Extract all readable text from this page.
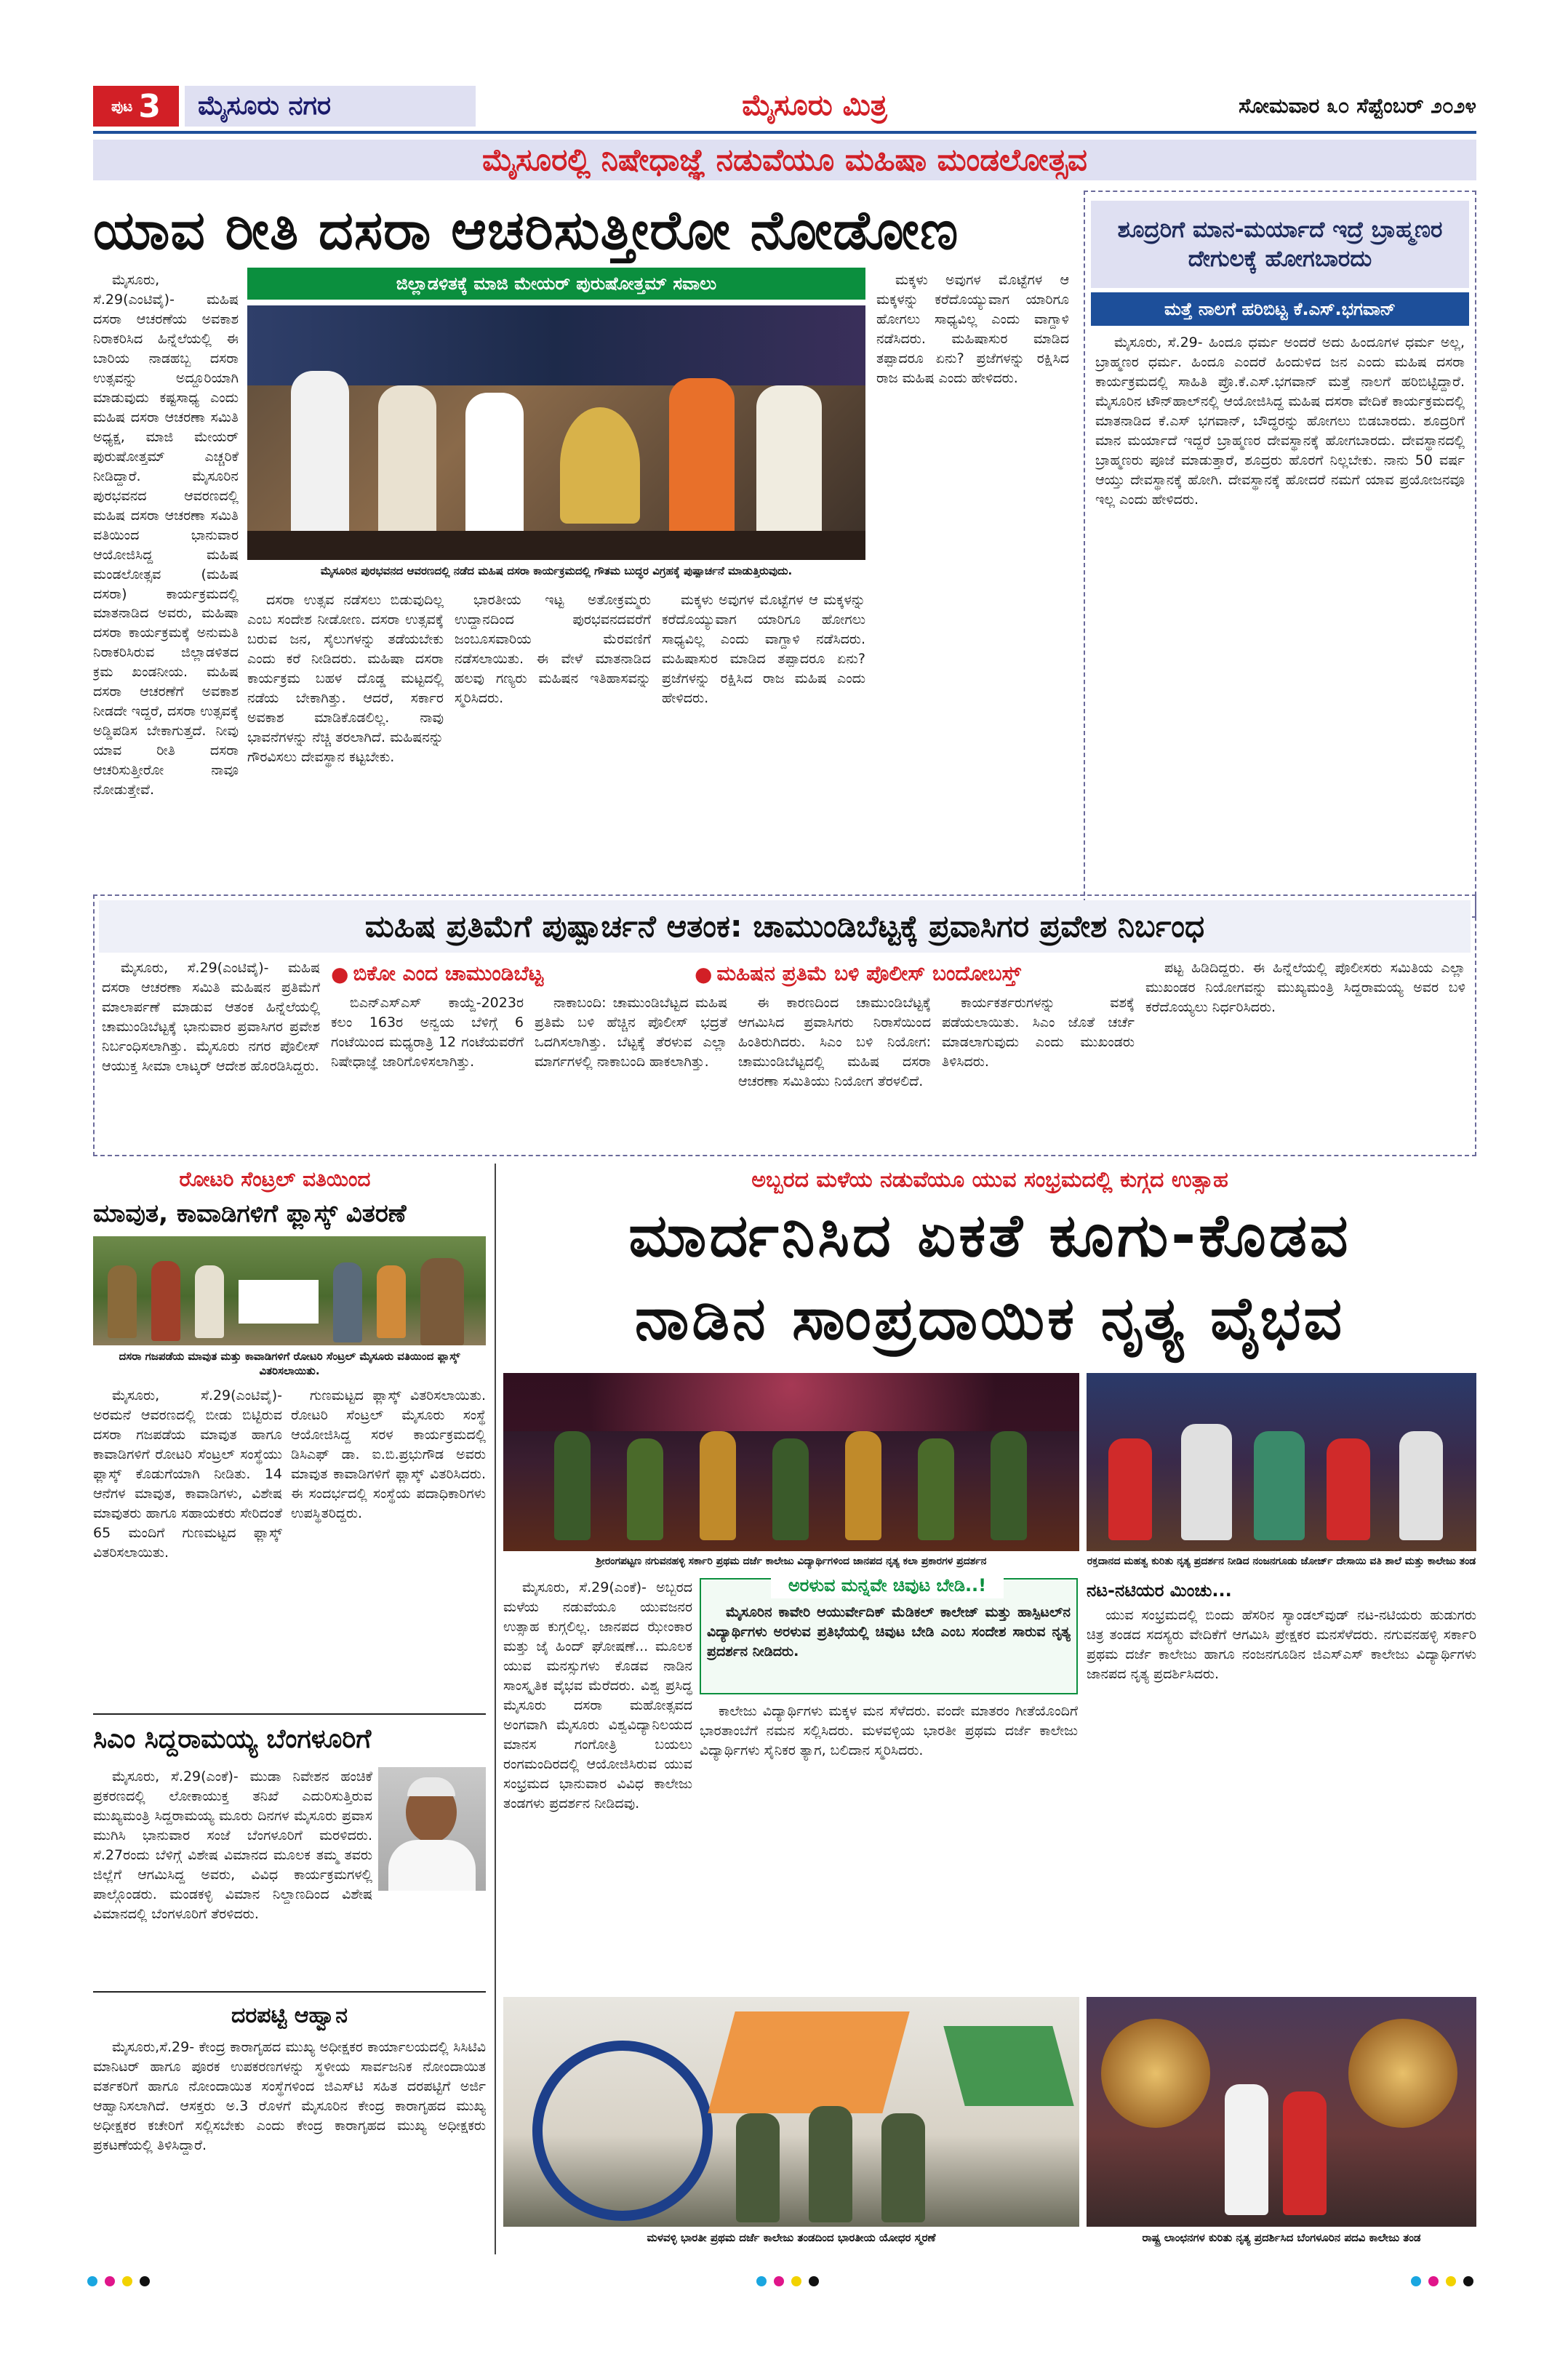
ಪುಟ 3 ಮೈಸೂರು ನಗರ	ಮೈಸೂರು ಮಿತ್ರ	ಸೋಮವಾರ ೩೦ ಸೆಪ್ಟೆಂಬರ್ ೨೦೨೪
ಮೈಸೂರಲ್ಲಿ ನಿಷೇಧಾಜ್ಞೆ ನಡುವೆಯೂ ಮಹಿಷಾ ಮಂಡಲೋತ್ಸವ
ಯಾವ ರೀತಿ ದಸರಾ ಆಚರಿಸುತ್ತೀರೋ ನೋಡೋಣ

ಮೈಸೂರು, ಸೆ.29(ಎಂಟಿವೈ)- ಮಹಿಷ ದಸರಾ ಆಚರಣೆಯ ಅವಕಾಶ ನಿರಾಕರಿಸಿದ ಹಿನ್ನೆಲೆಯಲ್ಲಿ ಈ ಬಾರಿಯ ನಾಡಹಬ್ಬ ದಸರಾ ಉತ್ಸವನ್ನು ಅದ್ದೂರಿಯಾಗಿ ಮಾಡುವುದು ಕಷ್ಟಸಾಧ್ಯ ಎಂದು ಮಹಿಷ ದಸರಾ ಆಚರಣಾ ಸಮಿತಿ ಅಧ್ಯಕ್ಷ, ಮಾಜಿ ಮೇಯರ್ ಪುರುಷೋತ್ತಮ್ ಎಚ್ಚರಿಕೆ ನೀಡಿದ್ದಾರೆ. ಮೈಸೂರಿನ ಪುರಭವನದ ಆವರಣದಲ್ಲಿ ಮಹಿಷ ದಸರಾ ಆಚರಣಾ ಸಮಿತಿ ವತಿಯಿಂದ ಭಾನುವಾರ ಆಯೋಜಿಸಿದ್ದ ಮಹಿಷ ಮಂಡಲೋತ್ಸವ (ಮಹಿಷ ದಸರಾ) ಕಾರ್ಯಕ್ರಮದಲ್ಲಿ ಮಾತನಾಡಿದ ಅವರು, ಮಹಿಷಾ ದಸರಾ ಕಾರ್ಯಕ್ರಮಕ್ಕೆ ಅನುಮತಿ ನಿರಾಕರಿಸಿರುವ ಜಿಲ್ಲಾಡಳಿತದ ಕ್ರಮ ಖಂಡನೀಯ. ಮಹಿಷ ದಸರಾ ಆಚರಣೆಗೆ ಅವಕಾಶ ನೀಡದೇ ಇದ್ದರೆ, ದಸರಾ ಉತ್ಸವಕ್ಕೆ ಅಡ್ಡಿಪಡಿಸ ಬೇಕಾಗುತ್ತದೆ. ನೀವು ಯಾವ ರೀತಿ ದಸರಾ ಆಚರಿಸುತ್ತೀರೋ ನಾವೂ ನೋಡುತ್ತೇವೆ.

ಜಿಲ್ಲಾಡಳಿತಕ್ಕೆ ಮಾಜಿ ಮೇಯರ್ ಪುರುಷೋತ್ತಮ್ ಸವಾಲು
ಮೈಸೂರಿನ ಪುರಭವನದ ಆವರಣದಲ್ಲಿ ನಡೆದ ಮಹಿಷ ದಸರಾ ಕಾರ್ಯಕ್ರಮದಲ್ಲಿ ಗೌತಮ ಬುದ್ಧರ ವಿಗ್ರಹಕ್ಕೆ ಪುಷ್ಪಾರ್ಚನೆ ಮಾಡುತ್ತಿರುವುದು.

ದಸರಾ ಉತ್ಸವ ನಡೆಸಲು ಬಿಡುವುದಿಲ್ಲ ಎಂಬ ಸಂದೇಶ ನೀಡೋಣ. ದಸರಾ ಉತ್ಸವಕ್ಕೆ ಬರುವ ಜನ, ಸೈಲುಗಳನ್ನು ತಡೆಯಬೇಕು ಎಂದು ಕರೆ ನೀಡಿದರು. ಮಹಿಷಾ ದಸರಾ ಕಾರ್ಯಕ್ರಮ ಬಹಳ ದೊಡ್ಡ ಮಟ್ಟದಲ್ಲಿ ನಡೆಯ ಬೇಕಾಗಿತ್ತು. ಆದರೆ, ಸರ್ಕಾರ ಅವಕಾಶ ಮಾಡಿಕೊಡಲಿಲ್ಲ. ನಾವು ಭಾವನೆಗಳನ್ನು ನೆಚ್ಚಿ ತರಲಾಗಿದೆ. ಮಹಿಷನನ್ನು ಗೌರವಿಸಲು ದೇವಸ್ಥಾನ ಕಟ್ಟಬೇಕು.

ಭಾರತೀಯ ಇಟ್ಟ ಅತೋಕ್ರಮ್ಮರು ಉದ್ದಾನದಿಂದ ಪುರಭವನದವರೆಗೆ ಜಂಬೂಸವಾರಿಯ ಮೆರವಣಿಗೆ ನಡೆಸಲಾಯಿತು. ಈ ವೇಳೆ ಮಾತನಾಡಿದ ಹಲವು ಗಣ್ಯರು ಮಹಿಷನ ಇತಿಹಾಸವನ್ನು ಸ್ಮರಿಸಿದರು.

ಮಕ್ಕಳು ಅವುಗಳ ಮೊಟ್ಟೆಗಳ ಆ ಮಕ್ಕಳನ್ನು ಕರೆದೊಯ್ಯುವಾಗ ಯಾರಿಗೂ ಹೋಗಲು ಸಾಧ್ಯವಿಲ್ಲ ಎಂದು ವಾಗ್ದಾಳಿ ನಡೆಸಿದರು. ಮಹಿಷಾಸುರ ಮಾಡಿದ ತಪ್ಪಾದರೂ ಏನು? ಪ್ರಜೆಗಳನ್ನು ರಕ್ಷಿಸಿದ ರಾಜ ಮಹಿಷ ಎಂದು ಹೇಳಿದರು.

ಮಕ್ಕಳು ಅವುಗಳ ಮೊಟ್ಟೆಗಳ ಆ ಮಕ್ಕಳನ್ನು ಕರೆದೊಯ್ಯುವಾಗ ಯಾರಿಗೂ ಹೋಗಲು ಸಾಧ್ಯವಿಲ್ಲ ಎಂದು ವಾಗ್ದಾಳಿ ನಡೆಸಿದರು. ಮಹಿಷಾಸುರ ಮಾಡಿದ ತಪ್ಪಾದರೂ ಏನು? ಪ್ರಜೆಗಳನ್ನು ರಕ್ಷಿಸಿದ ರಾಜ ಮಹಿಷ ಎಂದು ಹೇಳಿದರು.

ಶೂದ್ರರಿಗೆ ಮಾನ-ಮರ್ಯಾದೆ ಇದ್ರೆ ಬ್ರಾಹ್ಮಣರ ದೇಗುಲಕ್ಕೆ ಹೋಗಬಾರದು
ಮತ್ತೆ ನಾಲಗೆ ಹರಿಬಿಟ್ಟ ಕೆ.ಎಸ್.ಭಗವಾನ್

ಮೈಸೂರು, ಸೆ.29- ಹಿಂದೂ ಧರ್ಮ ಅಂದರೆ ಅದು ಹಿಂದೂಗಳ ಧರ್ಮ ಅಲ್ಲ, ಬ್ರಾಹ್ಮಣರ ಧರ್ಮ. ಹಿಂದೂ ಎಂದರೆ ಹಿಂದುಳಿದ ಜನ ಎಂದು ಮಹಿಷ ದಸರಾ ಕಾರ್ಯಕ್ರಮದಲ್ಲಿ ಸಾಹಿತಿ ಪ್ರೊ.ಕೆ.ಎಸ್.ಭಗವಾನ್ ಮತ್ತೆ ನಾಲಗೆ ಹರಿಬಿಟ್ಟಿದ್ದಾರೆ. ಮೈಸೂರಿನ ಟೌನ್‌ಹಾಲ್‌ನಲ್ಲಿ ಆಯೋಜಿಸಿದ್ದ ಮಹಿಷ ದಸರಾ ವೇದಿಕೆ ಕಾರ್ಯಕ್ರಮದಲ್ಲಿ ಮಾತನಾಡಿದ ಕೆ.ಎಸ್ ಭಗವಾನ್, ಬೌದ್ಧರನ್ನು ಹೋಗಲು ಬಿಡಬಾರದು. ಶೂದ್ರರಿಗೆ ಮಾನ ಮರ್ಯಾದೆ ಇದ್ದರೆ ಬ್ರಾಹ್ಮಣರ ದೇವಸ್ಥಾನಕ್ಕೆ ಹೋಗಬಾರದು. ದೇವಸ್ಥಾನದಲ್ಲಿ ಬ್ರಾಹ್ಮಣರು ಪೂಜೆ ಮಾಡುತ್ತಾರೆ, ಶೂದ್ರರು ಹೊರಗೆ ನಿಲ್ಲಬೇಕು. ನಾನು 50 ವರ್ಷ ಆಯ್ತು ದೇವಸ್ಥಾನಕ್ಕೆ ಹೋಗಿ. ದೇವಸ್ಥಾನಕ್ಕೆ ಹೋದರೆ ನಮಗೆ ಯಾವ ಪ್ರಯೋಜನವೂ ಇಲ್ಲ ಎಂದು ಹೇಳಿದರು.

ಮಹಿಷ ಪ್ರತಿಮೆಗೆ ಪುಷ್ಪಾರ್ಚನೆ ಆತಂಕ: ಚಾಮುಂಡಿಬೆಟ್ಟಕ್ಕೆ ಪ್ರವಾಸಿಗರ ಪ್ರವೇಶ ನಿರ್ಬಂಧ

ಮೈಸೂರು, ಸೆ.29(ಎಂಟಿವೈ)- ಮಹಿಷ ದಸರಾ ಆಚರಣಾ ಸಮಿತಿ ಮಹಿಷನ ಪ್ರತಿಮೆಗೆ ಮಾಲಾರ್ಪಣೆ ಮಾಡುವ ಆತಂಕ ಹಿನ್ನೆಲೆಯಲ್ಲಿ ಚಾಮುಂಡಿಬೆಟ್ಟಕ್ಕೆ ಭಾನುವಾರ ಪ್ರವಾಸಿಗರ ಪ್ರವೇಶ ನಿರ್ಬಂಧಿಸಲಾಗಿತ್ತು. ಮೈಸೂರು ನಗರ ಪೊಲೀಸ್ ಆಯುಕ್ತ ಸೀಮಾ ಲಾಟ್ಕರ್ ಆದೇಶ ಹೊರಡಿಸಿದ್ದರು.

● ಬಿಕೋ ಎಂದ ಚಾಮುಂಡಿಬೆಟ್ಟ	● ಮಹಿಷನ ಪ್ರತಿಮೆ ಬಳಿ ಪೊಲೀಸ್ ಬಂದೋಬಸ್ತ್

ಬಿಎನ್‌ಎಸ್‌ಎಸ್ ಕಾಯ್ದೆ-2023ರ ಕಲಂ 163ರ ಅನ್ವಯ ಬೆಳಿಗ್ಗೆ 6 ಗಂಟೆಯಿಂದ ಮಧ್ಯರಾತ್ರಿ 12 ಗಂಟೆಯವರೆಗೆ ನಿಷೇಧಾಜ್ಞೆ ಜಾರಿಗೊಳಿಸಲಾಗಿತ್ತು.

ನಾಕಾಬಂದಿ: ಚಾಮುಂಡಿಬೆಟ್ಟದ ಮಹಿಷ ಪ್ರತಿಮೆ ಬಳಿ ಹೆಚ್ಚಿನ ಪೊಲೀಸ್ ಭದ್ರತೆ ಒದಗಿಸಲಾಗಿತ್ತು. ಬೆಟ್ಟಕ್ಕೆ ತೆರಳುವ ಎಲ್ಲಾ ಮಾರ್ಗಗಳಲ್ಲಿ ನಾಕಾಬಂದಿ ಹಾಕಲಾಗಿತ್ತು.

ಈ ಕಾರಣದಿಂದ ಚಾಮುಂಡಿಬೆಟ್ಟಕ್ಕೆ ಆಗಮಿಸಿದ ಪ್ರವಾಸಿಗರು ನಿರಾಸೆಯಿಂದ ಹಿಂತಿರುಗಿದರು. ಸಿಎಂ ಬಳಿ ನಿಯೋಗ: ಚಾಮುಂಡಿಬೆಟ್ಟದಲ್ಲಿ ಮಹಿಷ ದಸರಾ ಆಚರಣಾ ಸಮಿತಿಯು ನಿಯೋಗ ತೆರಳಲಿದೆ.

ಕಾರ್ಯಕರ್ತರುಗಳನ್ನು ವಶಕ್ಕೆ ಪಡೆಯಲಾಯಿತು. ಸಿಎಂ ಜೊತೆ ಚರ್ಚೆ ಮಾಡಲಾಗುವುದು ಎಂದು ಮುಖಂಡರು ತಿಳಿಸಿದರು.

ಪಟ್ಟ ಹಿಡಿದಿದ್ದರು. ಈ ಹಿನ್ನೆಲೆಯಲ್ಲಿ ಪೊಲೀಸರು ಸಮಿತಿಯ ಎಲ್ಲಾ ಮುಖಂಡರ ನಿಯೋಗವನ್ನು ಮುಖ್ಯಮಂತ್ರಿ ಸಿದ್ದರಾಮಯ್ಯ ಅವರ ಬಳಿ ಕರೆದೊಯ್ಯಲು ನಿರ್ಧರಿಸಿದರು.

ರೋಟರಿ ಸೆಂಟ್ರಲ್ ವತಿಯಿಂದ
ಮಾವುತ, ಕಾವಾಡಿಗಳಿಗೆ ಫ್ಲಾಸ್ಕ್ ವಿತರಣೆ
ದಸರಾ ಗಜಪಡೆಯ ಮಾವುತ ಮತ್ತು ಕಾವಾಡಿಗಳಿಗೆ ರೋಟರಿ ಸೆಂಟ್ರಲ್ ಮೈಸೂರು ವತಿಯಿಂದ ಫ್ಲಾಸ್ಕ್ ವಿತರಿಸಲಾಯಿತು.

ಮೈಸೂರು, ಸೆ.29(ಎಂಟಿವೈ)- ಅರಮನೆ ಆವರಣದಲ್ಲಿ ಬೀಡು ಬಿಟ್ಟಿರುವ ದಸರಾ ಗಜಪಡೆಯ ಮಾವುತ ಹಾಗೂ ಕಾವಾಡಿಗಳಿಗೆ ರೋಟರಿ ಸೆಂಟ್ರಲ್ ಸಂಸ್ಥೆಯು ಫ್ಲಾಸ್ಕ್ ಕೊಡುಗೆಯಾಗಿ ನೀಡಿತು. 14 ಆನೆಗಳ ಮಾವುತ, ಕಾವಾಡಿಗಳು, ವಿಶೇಷ ಮಾವುತರು ಹಾಗೂ ಸಹಾಯಕರು ಸೇರಿದಂತೆ 65 ಮಂದಿಗೆ ಗುಣಮಟ್ಟದ ಫ್ಲಾಸ್ಕ್ ವಿತರಿಸಲಾಯಿತು.

ಗುಣಮಟ್ಟದ ಫ್ಲಾಸ್ಕ್ ವಿತರಿಸಲಾಯಿತು. ರೋಟರಿ ಸೆಂಟ್ರಲ್ ಮೈಸೂರು ಸಂಸ್ಥೆ ಆಯೋಜಿಸಿದ್ದ ಸರಳ ಕಾರ್ಯಕ್ರಮದಲ್ಲಿ ಡಿಸಿಎಫ್ ಡಾ. ಐ.ಬಿ.ಪ್ರಭುಗೌಡ ಅವರು ಮಾವುತ ಕಾವಾಡಿಗಳಿಗೆ ಫ್ಲಾಸ್ಕ್ ವಿತರಿಸಿದರು. ಈ ಸಂದರ್ಭದಲ್ಲಿ ಸಂಸ್ಥೆಯ ಪದಾಧಿಕಾರಿಗಳು ಉಪಸ್ಥಿತರಿದ್ದರು.

ಸಿಎಂ ಸಿದ್ದರಾಮಯ್ಯ ಬೆಂಗಳೂರಿಗೆ

ಮೈಸೂರು, ಸೆ.29(ಎಂಕೆ)- ಮುಡಾ ನಿವೇಶನ ಹಂಚಿಕೆ ಪ್ರಕರಣದಲ್ಲಿ ಲೋಕಾಯುಕ್ತ ತನಿಖೆ ಎದುರಿಸುತ್ತಿರುವ ಮುಖ್ಯಮಂತ್ರಿ ಸಿದ್ದರಾಮಯ್ಯ ಮೂರು ದಿನಗಳ ಮೈಸೂರು ಪ್ರವಾಸ ಮುಗಿಸಿ ಭಾನುವಾರ ಸಂಜೆ ಬೆಂಗಳೂರಿಗೆ ಮರಳಿದರು. ಸೆ.27ರಂದು ಬೆಳಿಗ್ಗೆ ವಿಶೇಷ ವಿಮಾನದ ಮೂಲಕ ತಮ್ಮ ತವರು ಜಿಲ್ಲೆಗೆ ಆಗಮಿಸಿದ್ದ ಅವರು, ವಿವಿಧ ಕಾರ್ಯಕ್ರಮಗಳಲ್ಲಿ ಪಾಲ್ಗೊಂಡರು. ಮಂಡಕಳ್ಳಿ ವಿಮಾನ ನಿಲ್ದಾಣದಿಂದ ವಿಶೇಷ ವಿಮಾನದಲ್ಲಿ ಬೆಂಗಳೂರಿಗೆ ತೆರಳಿದರು.

ದರಪಟ್ಟಿ ಆಹ್ವಾನ

ಮೈಸೂರು,ಸೆ.29- ಕೇಂದ್ರ ಕಾರಾಗೃಹದ ಮುಖ್ಯ ಅಧೀಕ್ಷಕರ ಕಾರ್ಯಾಲಯದಲ್ಲಿ ಸಿಸಿಟಿವಿ ಮಾನಿಟರ್ ಹಾಗೂ ಪೂರಕ ಉಪಕರಣಗಳನ್ನು ಸ್ಥಳೀಯ ಸಾರ್ವಜನಿಕ ನೋಂದಾಯಿತ ವರ್ತಕರಿಗೆ ಹಾಗೂ ನೋಂದಾಯಿತ ಸಂಸ್ಥೆಗಳಿಂದ ಜಿಎಸ್‌ಟಿ ಸಹಿತ ದರಪಟ್ಟಿಗೆ ಅರ್ಜಿ ಆಹ್ವಾನಿಸಲಾಗಿದೆ. ಆಸಕ್ತರು ಅ.3 ರೊಳಗೆ ಮೈಸೂರಿನ ಕೇಂದ್ರ ಕಾರಾಗೃಹದ ಮುಖ್ಯ ಅಧೀಕ್ಷಕರ ಕಚೇರಿಗೆ ಸಲ್ಲಿಸಬೇಕು ಎಂದು ಕೇಂದ್ರ ಕಾರಾಗೃಹದ ಮುಖ್ಯ ಅಧೀಕ್ಷಕರು ಪ್ರಕಟಣೆಯಲ್ಲಿ ತಿಳಿಸಿದ್ದಾರೆ.

ಅಬ್ಬರದ ಮಳೆಯ ನಡುವೆಯೂ ಯುವ ಸಂಭ್ರಮದಲ್ಲಿ ಕುಗ್ಗದ ಉತ್ಸಾಹ
ಮಾರ್ದನಿಸಿದ ಏಕತೆ ಕೂಗು-ಕೊಡವ
ನಾಡಿನ ಸಾಂಪ್ರದಾಯಿಕ ನೃತ್ಯ ವೈಭವ
ಶ್ರೀರಂಗಪಟ್ಟಣ ನಗುವನಹಳ್ಳಿ ಸರ್ಕಾರಿ ಪ್ರಥಮ ದರ್ಜೆ ಕಾಲೇಜು ವಿದ್ಯಾರ್ಥಿಗಳಿಂದ ಜಾನಪದ ನೃತ್ಯ ಕಲಾ ಪ್ರಕಾರಗಳ ಪ್ರದರ್ಶನ	ರಕ್ತದಾನದ ಮಹತ್ವ ಕುರಿತು ನೃತ್ಯ ಪ್ರದರ್ಶನ ನೀಡಿದ ನಂಜನಗೂಡು ಜೋರ್ಜ್ ದೇಸಾಯಿ ವತಿ ಶಾಲೆ ಮತ್ತು ಕಾಲೇಜು ತಂಡ

ಮೈಸೂರು, ಸೆ.29(ಎಂಕೆ)- ಅಬ್ಬರದ ಮಳೆಯ ನಡುವೆಯೂ ಯುವಜನರ ಉತ್ಸಾಹ ಕುಗ್ಗಲಿಲ್ಲ. ಜಾನಪದ ಝೇಂಕಾರ ಮತ್ತು ಜೈ ಹಿಂದ್ ಘೋಷಣೆ... ಮೂಲಕ ಯುವ ಮನಸ್ಸುಗಳು ಕೊಡವ ನಾಡಿನ ಸಾಂಸ್ಕೃತಿಕ ವೈಭವ ಮೆರೆದರು. ವಿಶ್ವ ಪ್ರಸಿದ್ಧ ಮೈಸೂರು ದಸರಾ ಮಹೋತ್ಸವದ ಅಂಗವಾಗಿ ಮೈಸೂರು ವಿಶ್ವವಿದ್ಯಾನಿಲಯದ ಮಾನಸ ಗಂಗೋತ್ರಿ ಬಯಲು ರಂಗಮಂದಿರದಲ್ಲಿ ಆಯೋಜಿಸಿರುವ ಯುವ ಸಂಭ್ರಮದ ಭಾನುವಾರ ವಿವಿಧ ಕಾಲೇಜು ತಂಡಗಳು ಪ್ರದರ್ಶನ ನೀಡಿದವು.

ಅರಳುವ ಮನ್ನವೇ ಚಿವುಟ ಬೇಡಿ..!

ಮೈಸೂರಿನ ಕಾವೇರಿ ಆಯುರ್ವೇದಿಕ್ ಮೆಡಿಕಲ್ ಕಾಲೇಜ್ ಮತ್ತು ಹಾಸ್ಪಿಟಲ್‌ನ ವಿದ್ಯಾರ್ಥಿಗಳು ಅರಳುವ ಪ್ರತಿಭೆಯಲ್ಲಿ ಚಿವುಟ ಬೇಡಿ ಎಂಬ ಸಂದೇಶ ಸಾರುವ ನೃತ್ಯ ಪ್ರದರ್ಶನ ನೀಡಿದರು.

ಕಾಲೇಜು ವಿದ್ಯಾರ್ಥಿಗಳು ಮಕ್ಕಳ ಮನ ಸೆಳೆದರು. ವಂದೇ ಮಾತರಂ ಗೀತೆಯೊಂದಿಗೆ ಭಾರತಾಂಬೆಗೆ ನಮನ ಸಲ್ಲಿಸಿದರು. ಮಳವಳ್ಳಿಯ ಭಾರತೀ ಪ್ರಥಮ ದರ್ಜೆ ಕಾಲೇಜು ವಿದ್ಯಾರ್ಥಿಗಳು ಸೈನಿಕರ ತ್ಯಾಗ, ಬಲಿದಾನ ಸ್ಮರಿಸಿದರು.

ನಟ-ನಟಿಯರ ಮಿಂಚು...

ಯುವ ಸಂಭ್ರಮದಲ್ಲಿ ಬಿಂದು ಹೆಸರಿನ ಸ್ಯಾಂಡಲ್‌ವುಡ್ ನಟ-ನಟಿಯರು ಹುಡುಗರು ಚಿತ್ರ ತಂಡದ ಸದಸ್ಯರು ವೇದಿಕೆಗೆ ಆಗಮಿಸಿ ಪ್ರೇಕ್ಷಕರ ಮನಸೆಳೆದರು. ನಗುವನಹಳ್ಳಿ ಸರ್ಕಾರಿ ಪ್ರಥಮ ದರ್ಜೆ ಕಾಲೇಜು ಹಾಗೂ ನಂಜನಗೂಡಿನ ಜಿಎಸ್‌ಎಸ್ ಕಾಲೇಜು ವಿದ್ಯಾರ್ಥಿಗಳು ಜಾನಪದ ನೃತ್ಯ ಪ್ರದರ್ಶಿಸಿದರು.

ಮಳವಳ್ಳಿ ಭಾರತೀ ಪ್ರಥಮ ದರ್ಜೆ ಕಾಲೇಜು ತಂಡದಿಂದ ಭಾರತೀಯ ಯೋಧರ ಸ್ಮರಣೆ	ರಾಷ್ಟ್ರ ಲಾಂಛನಗಳ ಕುರಿತು ನೃತ್ಯ ಪ್ರದರ್ಶಿಸಿದ ಬೆಂಗಳೂರಿನ ಪದವಿ ಕಾಲೇಜು ತಂಡ
